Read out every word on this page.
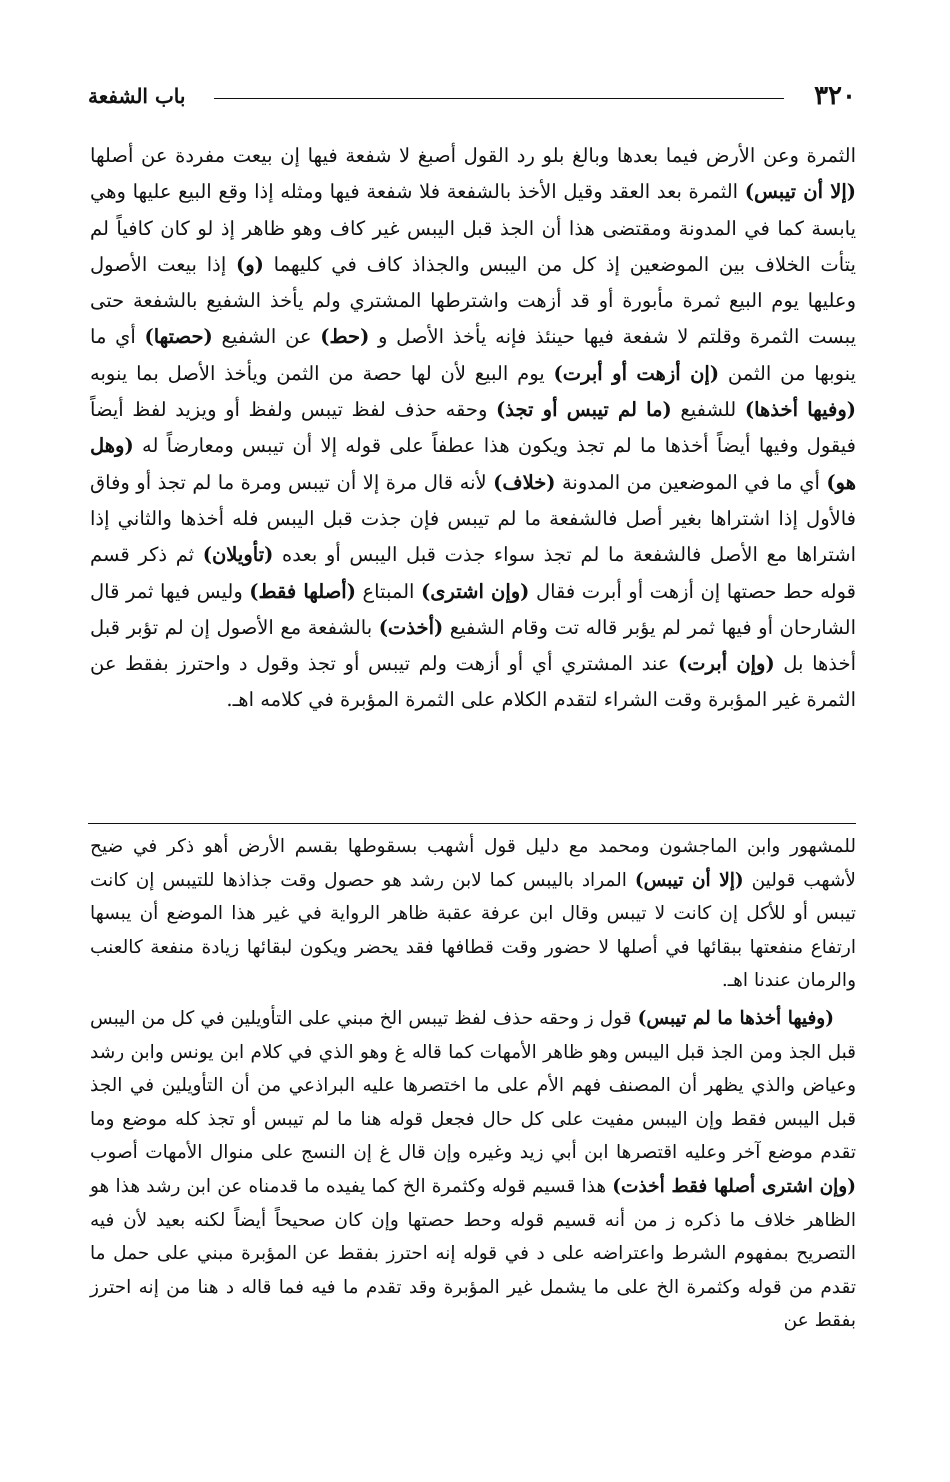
٣٢٠
باب الشفعة

الثمرة وعن الأرض فيما بعدها وبالغ بلو رد القول أصبغ لا شفعة فيها إن بيعت مفردة عن أصلها (إلا أن تيبس) الثمرة بعد العقد وقيل الأخذ بالشفعة فلا شفعة فيها ومثله إذا وقع البيع عليها وهي يابسة كما في المدونة ومقتضى هذا أن الجذ قبل اليبس غير كاف وهو ظاهر إذ لو كان كافياً لم يتأت الخلاف بين الموضعين إذ كل من اليبس والجذاذ كاف في كليهما (و) إذا بيعت الأصول وعليها يوم البيع ثمرة مأبورة أو قد أزهت واشترطها المشتري ولم يأخذ الشفيع بالشفعة حتى يبست الثمرة وقلتم لا شفعة فيها حينئذ فإنه يأخذ الأصل و (حط) عن الشفيع (حصتها) أي ما ينوبها من الثمن (إن أزهت أو أبرت) يوم البيع لأن لها حصة من الثمن ويأخذ الأصل بما ينوبه (وفيها أخذها) للشفيع (ما لم تيبس أو تجذ) وحقه حذف لفظ تيبس ولفظ أو ويزيد لفظ أيضاً فيقول وفيها أيضاً أخذها ما لم تجذ ويكون هذا عطفاً على قوله إلا أن تيبس ومعارضاً له (وهل هو) أي ما في الموضعين من المدونة (خلاف) لأنه قال مرة إلا أن تيبس ومرة ما لم تجذ أو وفاق فالأول إذا اشتراها بغير أصل فالشفعة ما لم تيبس فإن جذت قبل اليبس فله أخذها والثاني إذا اشتراها مع الأصل فالشفعة ما لم تجذ سواء جذت قبل اليبس أو بعده (تأويلان) ثم ذكر قسم قوله حط حصتها إن أزهت أو أبرت فقال (وإن اشترى) المبتاع (أصلها فقط) وليس فيها ثمر قال الشارحان أو فيها ثمر لم يؤبر قاله تت وقام الشفيع (أخذت) بالشفعة مع الأصول إن لم تؤبر قبل أخذها بل (وإن أبرت) عند المشتري أي أو أزهت ولم تيبس أو تجذ وقول د واحترز بفقط عن الثمرة غير المؤبرة وقت الشراء لتقدم الكلام على الثمرة المؤبرة في كلامه اهـ.

للمشهور وابن الماجشون ومحمد مع دليل قول أشهب بسقوطها بقسم الأرض أهو ذكر في ضيح لأشهب قولين (إلا أن تيبس) المراد باليبس كما لابن رشد هو حصول وقت جذاذها للتيبس إن كانت تيبس أو للأكل إن كانت لا تيبس وقال ابن عرفة عقبة ظاهر الرواية في غير هذا الموضع أن يبسها ارتفاع منفعتها ببقائها في أصلها لا حضور وقت قطافها فقد يحضر ويكون لبقائها زيادة منفعة كالعنب والرمان عندنا اهـ.

(وفيها أخذها ما لم تيبس) قول ز وحقه حذف لفظ تيبس الخ مبني على التأويلين في كل من اليبس قبل الجذ ومن الجذ قبل اليبس وهو ظاهر الأمهات كما قاله غ وهو الذي في كلام ابن يونس وابن رشد وعياض والذي يظهر أن المصنف فهم الأم على ما اختصرها عليه البراذعي من أن التأويلين في الجذ قبل اليبس فقط وإن اليبس مفيت على كل حال فجعل قوله هنا ما لم تيبس أو تجذ كله موضع وما تقدم موضع آخر وعليه اقتصرها ابن أبي زيد وغيره وإن قال غ إن النسج على منوال الأمهات أصوب (وإن اشترى أصلها فقط أخذت) هذا قسيم قوله وكثمرة الخ كما يفيده ما قدمناه عن ابن رشد هذا هو الظاهر خلاف ما ذكره ز من أنه قسيم قوله وحط حصتها وإن كان صحيحاً أيضاً لكنه بعيد لأن فيه التصريح بمفهوم الشرط واعتراضه على د في قوله إنه احترز بفقط عن المؤبرة مبني على حمل ما تقدم من قوله وكثمرة الخ على ما يشمل غير المؤبرة وقد تقدم ما فيه فما قاله د هنا من إنه احترز بفقط عن
